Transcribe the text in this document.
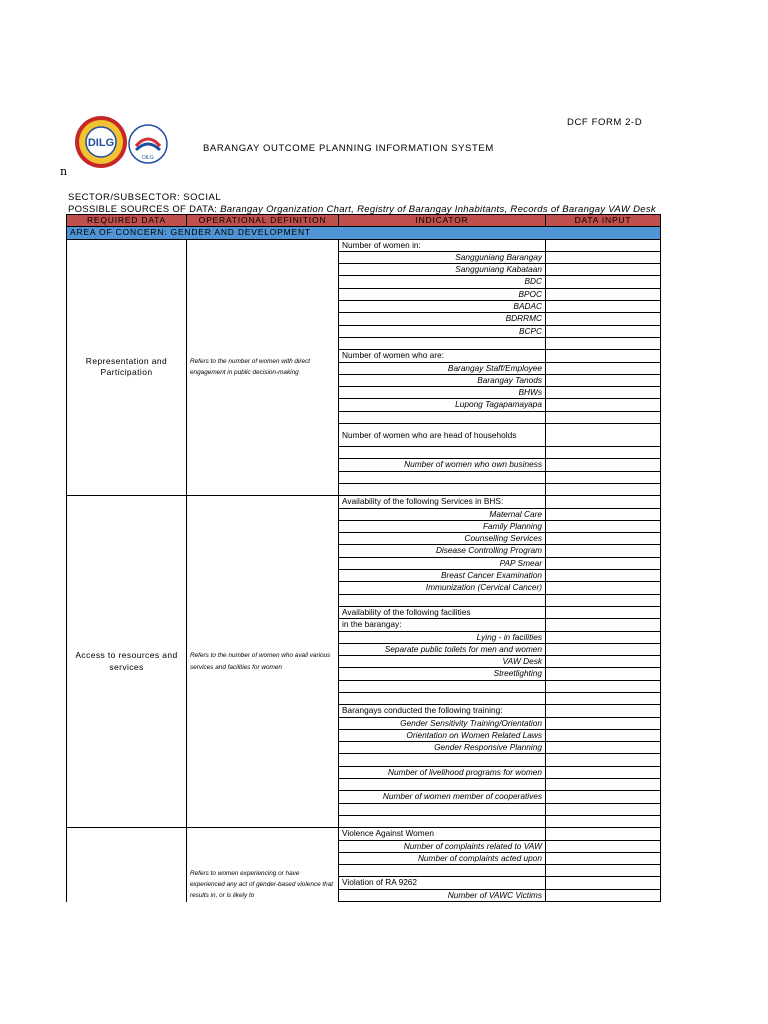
DILG
DILG
DCF FORM 2-D
BARANGAY OUTCOME PLANNING INFORMATION SYSTEM
n
SECTOR/SUBSECTOR: SOCIAL
POSSIBLE SOURCES OF DATA: Barangay Organization Chart, Registry of Barangay Inhabitants, Records of Barangay VAW Desk
REQUIRED DATA	OPERATIONAL DEFINITION	INDICATOR	DATA INPUT
AREA OF CONCERN: GENDER AND DEVELOPMENT			
Representation and Participation	Refers to the number of women with direct engagement in public decision-making	Number of women in:	
		Sangguniang Barangay	
		Sangguniang Kabataan	
		BDC	
		BPOC	
		BADAC	
		BDRRMC	
		BCPC	

		Number of women who are:	
		Barangay Staff/Employee	
		Barangay Tanods	
		BHWs	
		Lupong Tagapamayapa	

		Number of women who are head of households	

		Number of women who own business	

Access to resources and services	Refers to the number of women who avail various services and facilities for women	Availability of the following Services in BHS:	
		Maternal Care	
		Family Planning	
		Counselling Services	
		Disease Controlling Program	
		PAP Smear	
		Breast Cancer Examination	
		Immunization (Cervical Cancer)	

		Availability of the following facilities	
		in the barangay:	
		Lying - in facilities	
		Separate public toilets for men and women	
		VAW Desk	
		Streetlighting	

		Barangays conducted the following training:	
		Gender Sensitivity Training/Orientation	
		Orientation on Women Related Laws	
		Gender Responsive Planning	

		Number of livelihood programs for women	

		Number of women member of cooperatives	

	Refers to women experiencing or have experienced any act of gender-based violence that results in, or is likely to	Violence Against Women	
		Number of complaints related to VAW	
		Number of complaints acted upon	

		Violation of RA 9262	
		Number of VAWC Victims	
